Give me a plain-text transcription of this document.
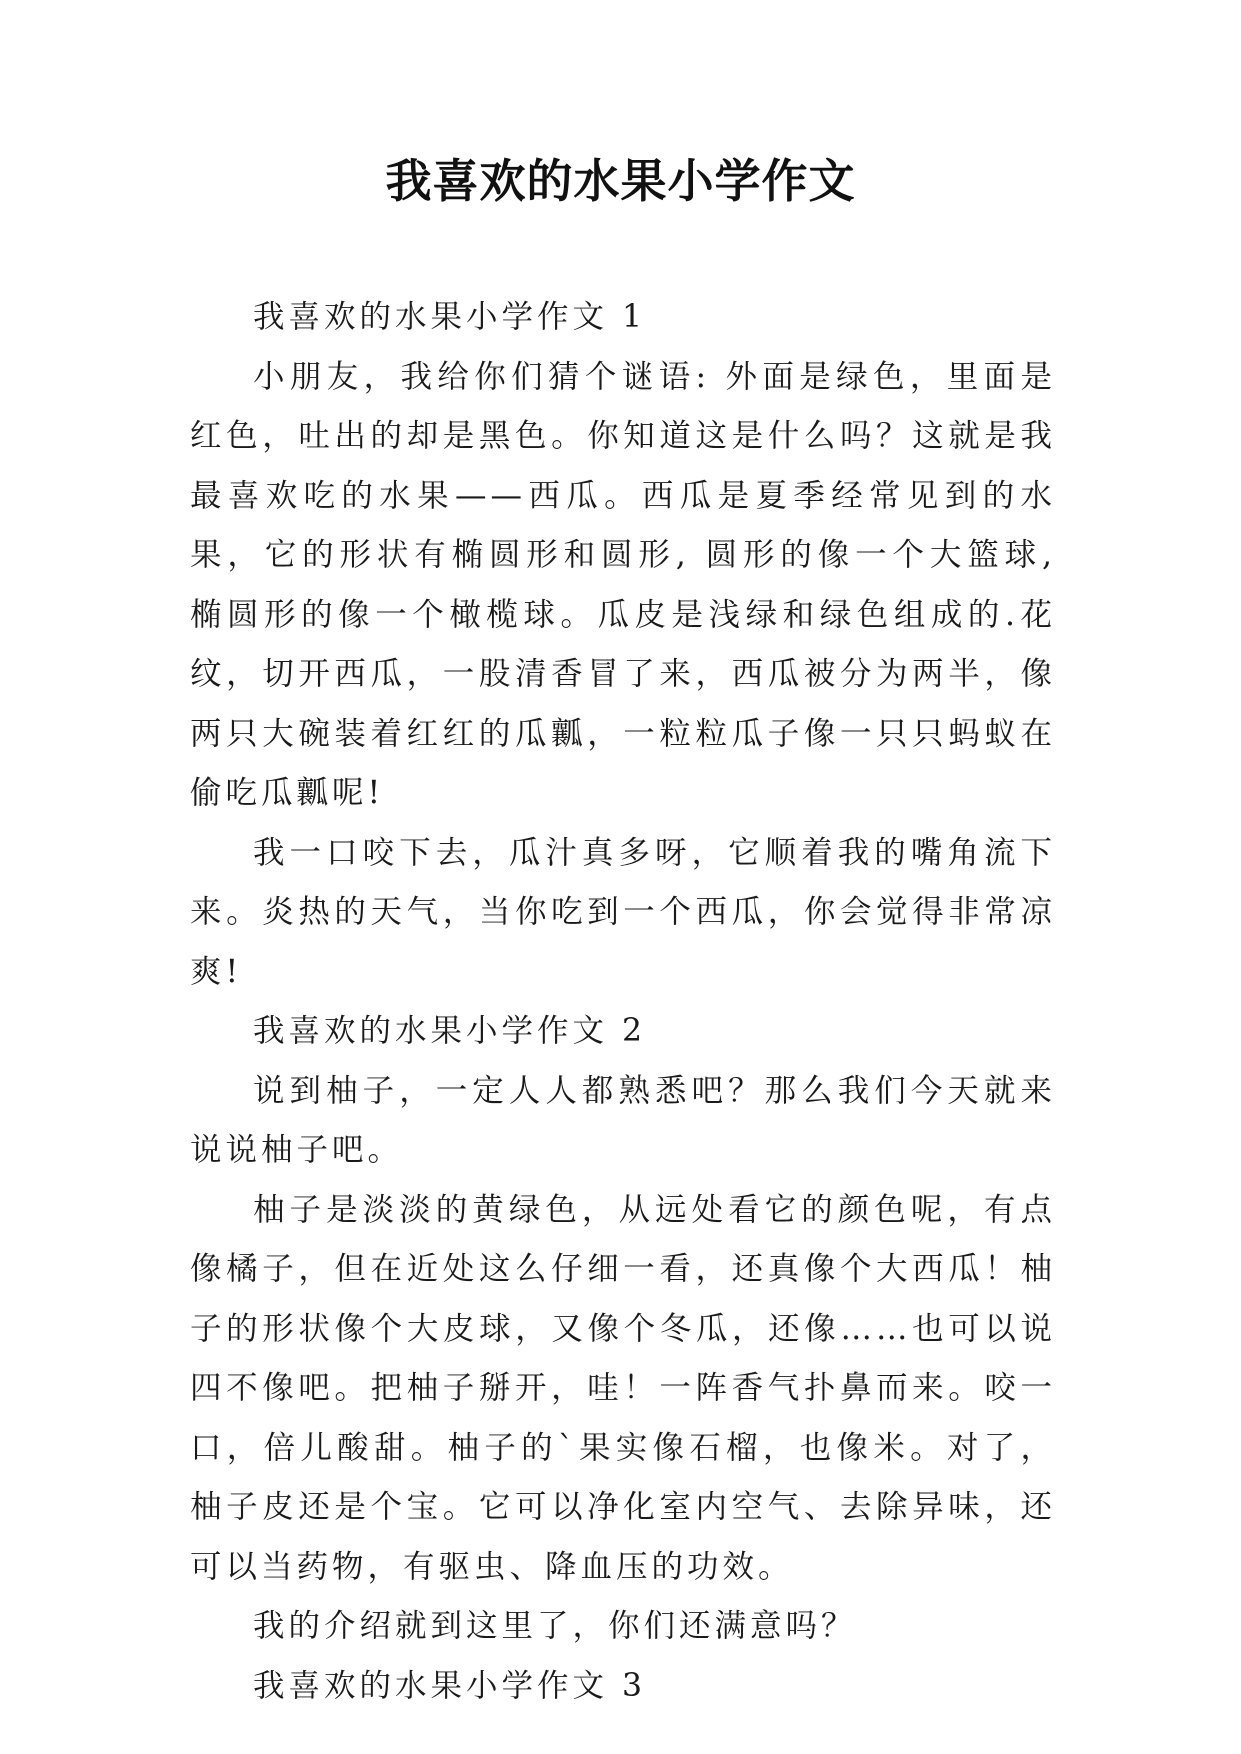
我喜欢的水果小学作文

我喜欢的水果小学作文 1

小朋友，我给你们猜个谜语: 外面是绿色，里面是红色，吐出的却是黑色。你知道这是什么吗？这就是我最喜欢吃的水果——西瓜。西瓜是夏季经常见到的水果，它的形状有椭圆形和圆形, 圆形的像一个大篮球, 椭圆形的像一个橄榄球。瓜皮是浅绿和绿色组成的.花纹，切开西瓜，一股清香冒了来，西瓜被分为两半，像两只大碗装着红红的瓜瓤，一粒粒瓜子像一只只蚂蚁在偷吃瓜瓤呢!

我一口咬下去，瓜汁真多呀，它顺着我的嘴角流下来。炎热的天气，当你吃到一个西瓜，你会觉得非常凉爽!

我喜欢的水果小学作文 2

说到柚子，一定人人都熟悉吧？那么我们今天就来说说柚子吧。

柚子是淡淡的黄绿色，从远处看它的颜色呢，有点像橘子，但在近处这么仔细一看，还真像个大西瓜！柚子的形状像个大皮球，又像个冬瓜，还像……也可以说四不像吧。把柚子掰开，哇！一阵香气扑鼻而来。咬一口，倍儿酸甜。柚子的`果实像石榴，也像米。对了，柚子皮还是个宝。它可以净化室内空气、去除异味，还可以当药物，有驱虫、降血压的功效。

我的介绍就到这里了，你们还满意吗？

我喜欢的水果小学作文 3
